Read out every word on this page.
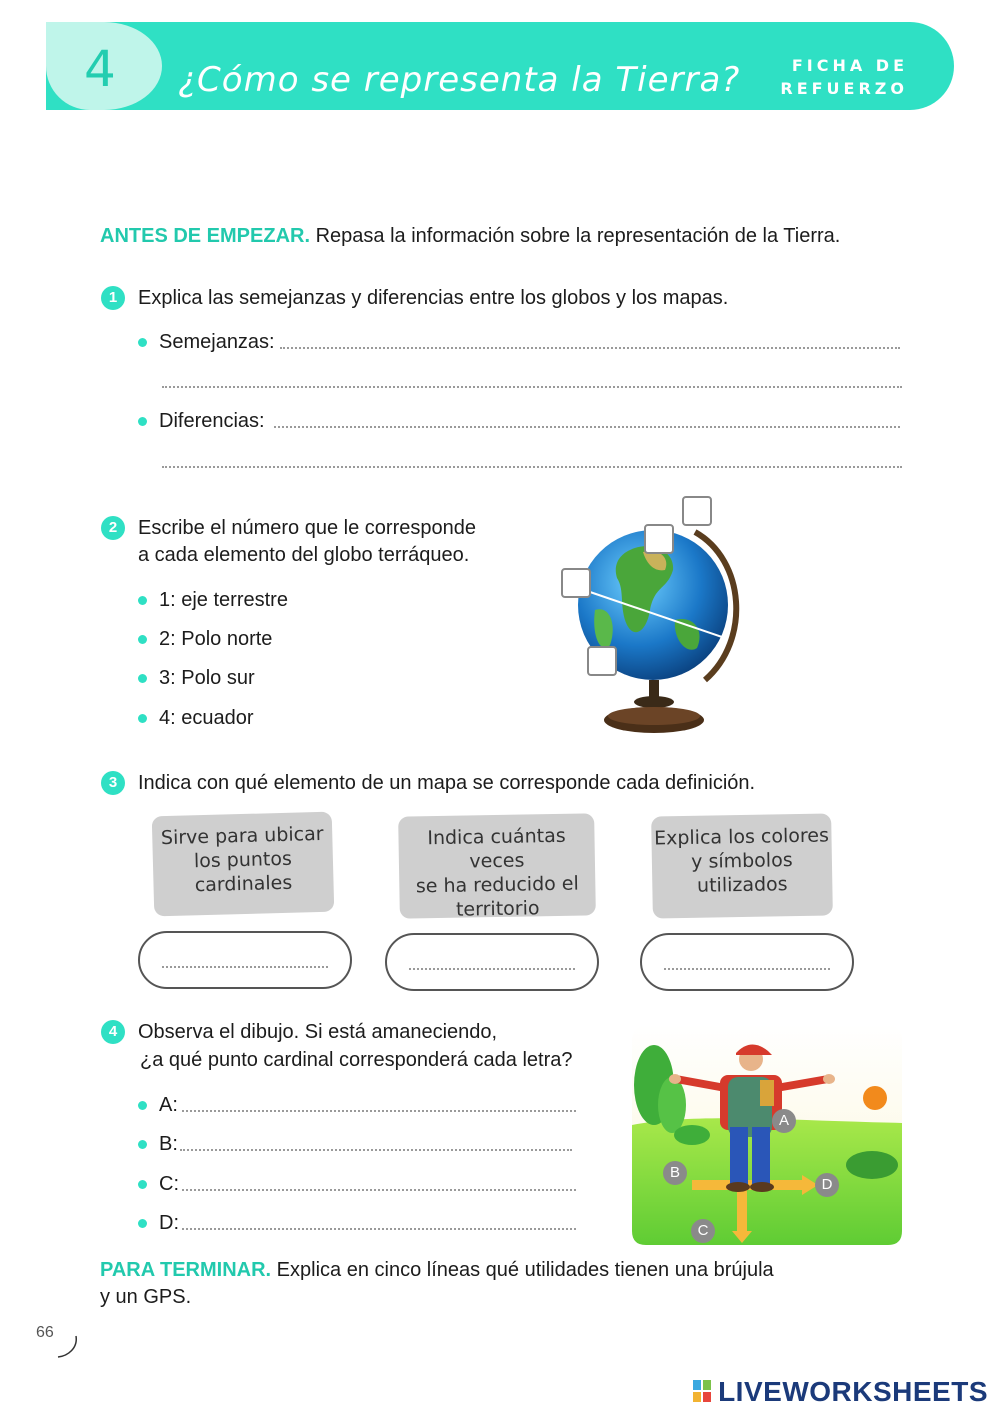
4 ¿Cómo se representa la Tierra?	FICHA DE
REFUERZO
ANTES DE EMPEZAR. Repasa la información sobre la representación de la Tierra.
1	Explica las semejanzas y diferencias entre los globos y los mapas.
Semejanzas:
Diferencias:
2	Escribe el número que le corresponde
a cada elemento del globo terráqueo.
1: eje terrestre
2: Polo norte
3: Polo sur
4: ecuador
3	Indica con qué elemento de un mapa se corresponde cada definición.
Sirve para ubicar
los puntos
cardinales
Indica cuántas veces
se ha reducido el
territorio
Explica los colores
y símbolos
utilizados
4	Observa el dibujo. Si está amaneciendo,
¿a qué punto cardinal corresponderá cada letra?
A:
B:
C:
D:
A
B
C
D
PARA TERMINAR. Explica en cinco líneas qué utilidades tienen una brújula
y un GPS.
66
LIVEWORKSHEETS
